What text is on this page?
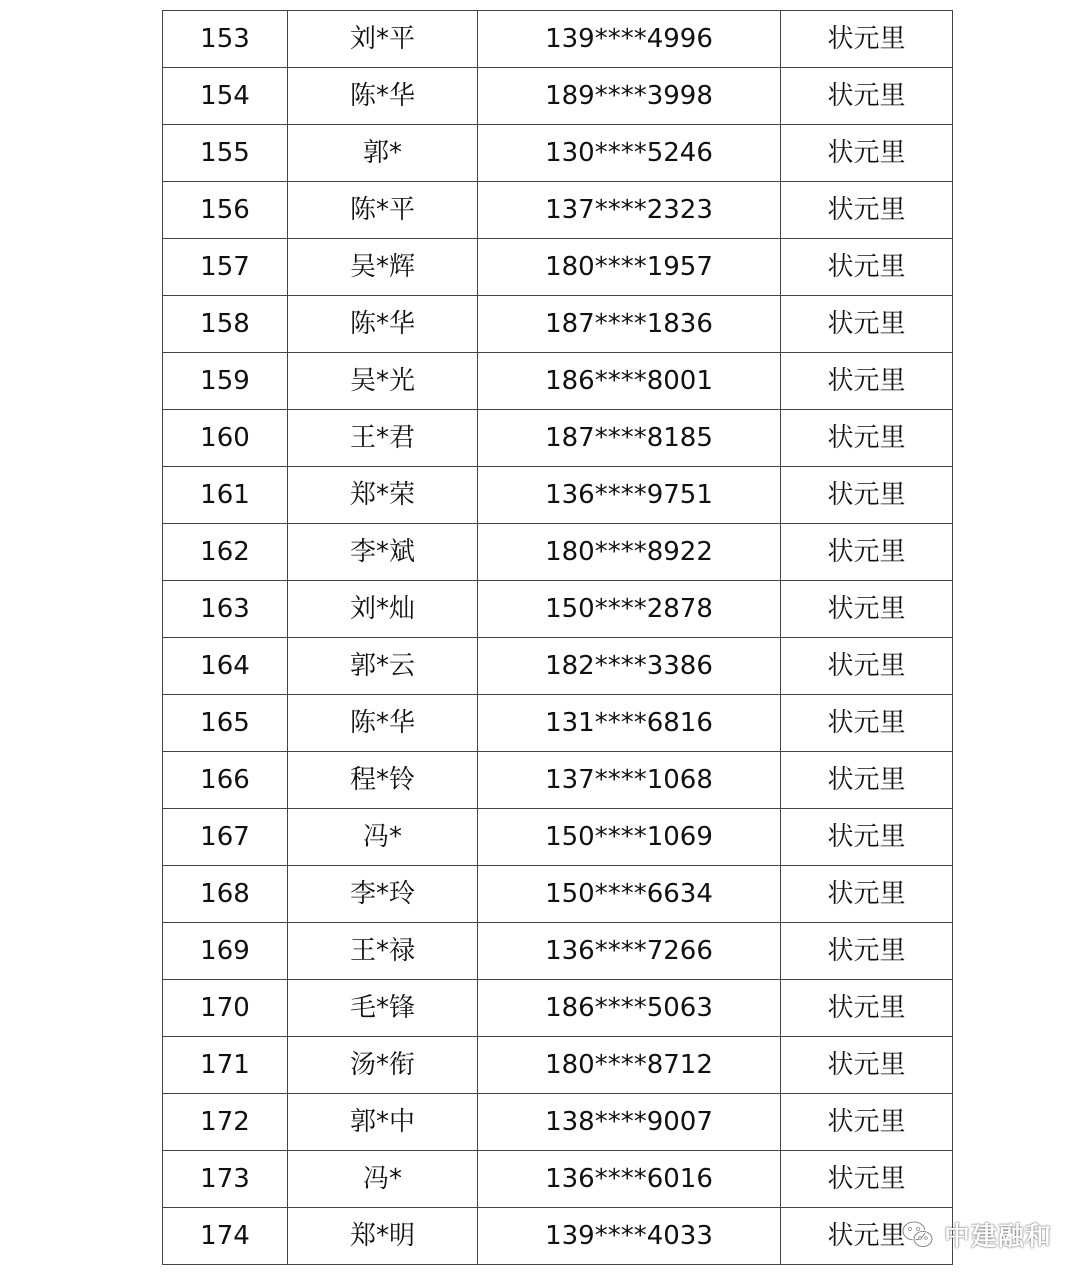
153	刘*平	139****4996	状元里
154	陈*华	189****3998	状元里
155	郭*	130****5246	状元里
156	陈*平	137****2323	状元里
157	吴*辉	180****1957	状元里
158	陈*华	187****1836	状元里
159	吴*光	186****8001	状元里
160	王*君	187****8185	状元里
161	郑*荣	136****9751	状元里
162	李*斌	180****8922	状元里
163	刘*灿	150****2878	状元里
164	郭*云	182****3386	状元里
165	陈*华	131****6816	状元里
166	程*铃	137****1068	状元里
167	冯*	150****1069	状元里
168	李*玲	150****6634	状元里
169	王*禄	136****7266	状元里
170	毛*锋	186****5063	状元里
171	汤*衔	180****8712	状元里
172	郭*中	138****9007	状元里
173	冯*	136****6016	状元里
174	郑*明	139****4033	状元里 中建融和
